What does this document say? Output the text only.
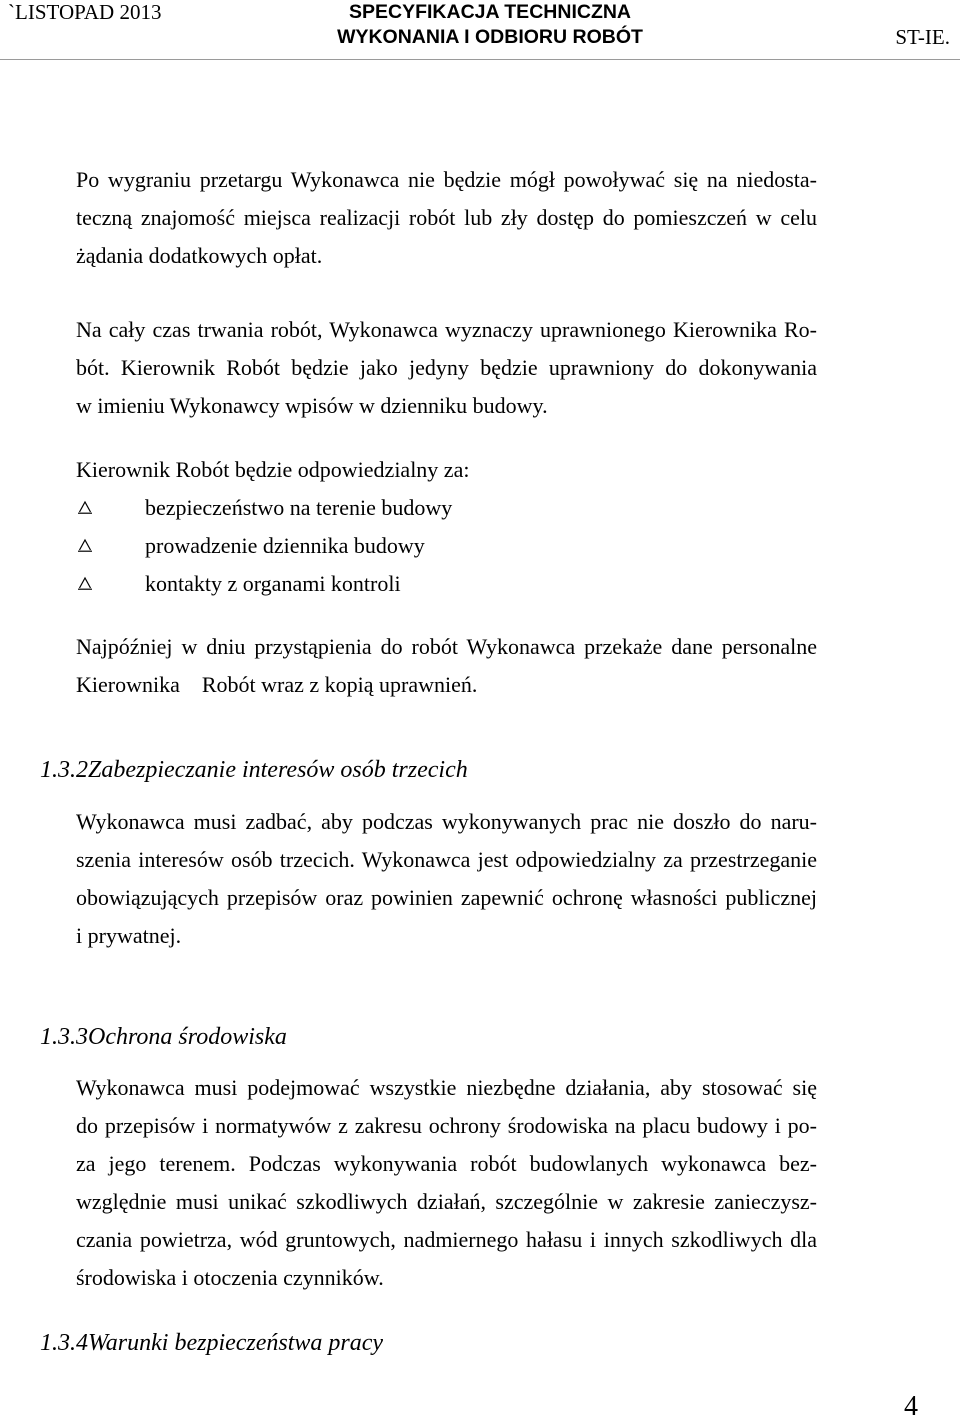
`LISTOPAD 2013	SPECYFIKACJA TECHNICZNA
WYKONANIA I ODBIORU ROBÓT	ST-IE.
Po wygraniu przetargu Wykonawca nie będzie mógł powoływać się na niedosta-
teczną znajomość miejsca realizacji robót lub zły dostęp do pomieszczeń w celu
żądania dodatkowych opłat.
Na cały czas trwania robót, Wykonawca wyznaczy uprawnionego Kierownika Ro-
bót. Kierownik Robót będzie jako jedyny będzie uprawniony do dokonywania
w imieniu Wykonawcy wpisów w dzienniku budowy.
Kierownik Robót będzie odpowiedzialny za:
bezpieczeństwo na terenie budowy
prowadzenie dziennika budowy
kontakty z organami kontroli
Najpóźniej w dniu przystąpienia do robót Wykonawca przekaże dane personalne
Kierownika    Robót wraz z kopią uprawnień.
1.3.2Zabezpieczanie interesów osób trzecich
Wykonawca musi zadbać, aby podczas wykonywanych prac nie doszło do naru-
szenia interesów osób trzecich. Wykonawca jest odpowiedzialny za przestrzeganie
obowiązujących przepisów oraz powinien zapewnić ochronę własności publicznej
i prywatnej.
1.3.3Ochrona środowiska
Wykonawca musi podejmować wszystkie niezbędne działania, aby stosować się
do przepisów i normatywów z zakresu ochrony środowiska na placu budowy i po-
za jego terenem. Podczas wykonywania robót budowlanych wykonawca bez-
względnie musi unikać szkodliwych działań, szczególnie w zakresie zanieczysz-
czania powietrza, wód gruntowych, nadmiernego hałasu i innych szkodliwych dla
środowiska i otoczenia czynników.
1.3.4Warunki bezpieczeństwa pracy
4
